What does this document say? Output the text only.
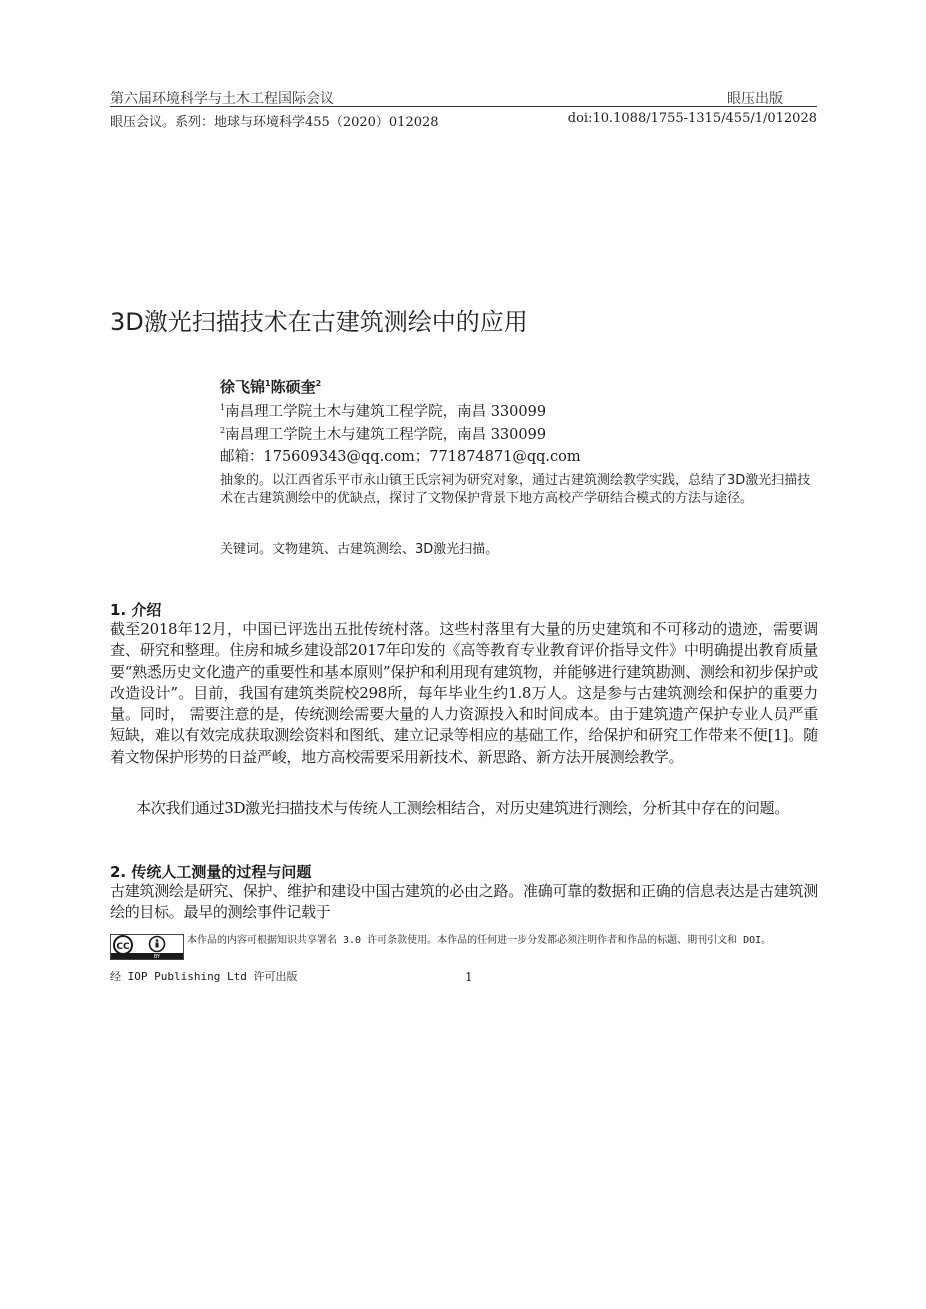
第六届环境科学与土木工程国际会议	眼压出版
眼压会议。系列：地球与环境科学455（2020）012028	doi:10.1088/1755-1315/455/1/012028
3D激光扫描技术在古建筑测绘中的应用
徐飞锦$^1$陈硕奎$^2$
$^1$南昌理工学院土木与建筑工程学院，南昌 330099
$^2$南昌理工学院土木与建筑工程学院，南昌 330099
邮箱：175609343@qq.com；771874871@qq.com
抽象的。以江西省乐平市永山镇王氏宗祠为研究对象，通过古建筑测绘教学实践，总结了3D激光扫描技术在古建筑测绘中的优缺点，探讨了文物保护背景下地方高校产学研结合模式的方法与途径。
关键词。文物建筑、古建筑测绘、3D激光扫描。
1. 介绍
截至2018年12月，中国已评选出五批传统村落。这些村落里有大量的历史建筑和不可移动的遗迹，需要调查、研究和整理。住房和城乡建设部2017年印发的《高等教育专业教育评价指导文件》中明确提出教育质量要“熟悉历史文化遗产的重要性和基本原则”保护和利用现有建筑物，并能够进行建筑勘测、测绘和初步保护或改造设计”。目前，我国有建筑类院校298所，每年毕业生约1.8万人。这是参与古建筑测绘和保护的重要力量。同时， 需要注意的是，传统测绘需要大量的人力资源投入和时间成本。由于建筑遗产保护专业人员严重短缺，难以有效完成获取测绘资料和图纸、建立记录等相应的基础工作，给保护和研究工作带来不便[1]。随着文物保护形势的日益严峻，地方高校需要采用新技术、新思路、新方法开展测绘教学。
本次我们通过3D激光扫描技术与传统人工测绘相结合，对历史建筑进行测绘，分析其中存在的问题。
2. 传统人工测量的过程与问题
古建筑测绘是研究、保护、维护和建设中国古建筑的必由之路。准确可靠的数据和正确的信息表达是古建筑测绘的目标。最早的测绘事件记载于
CC
BY
本作品的内容可根据知识共享署名 3.0 许可条款使用。本作品的任何进一步分发都必须注明作者和作品的标题、期刊引文和 DOI。
经 IOP Publishing Ltd 许可出版	1
